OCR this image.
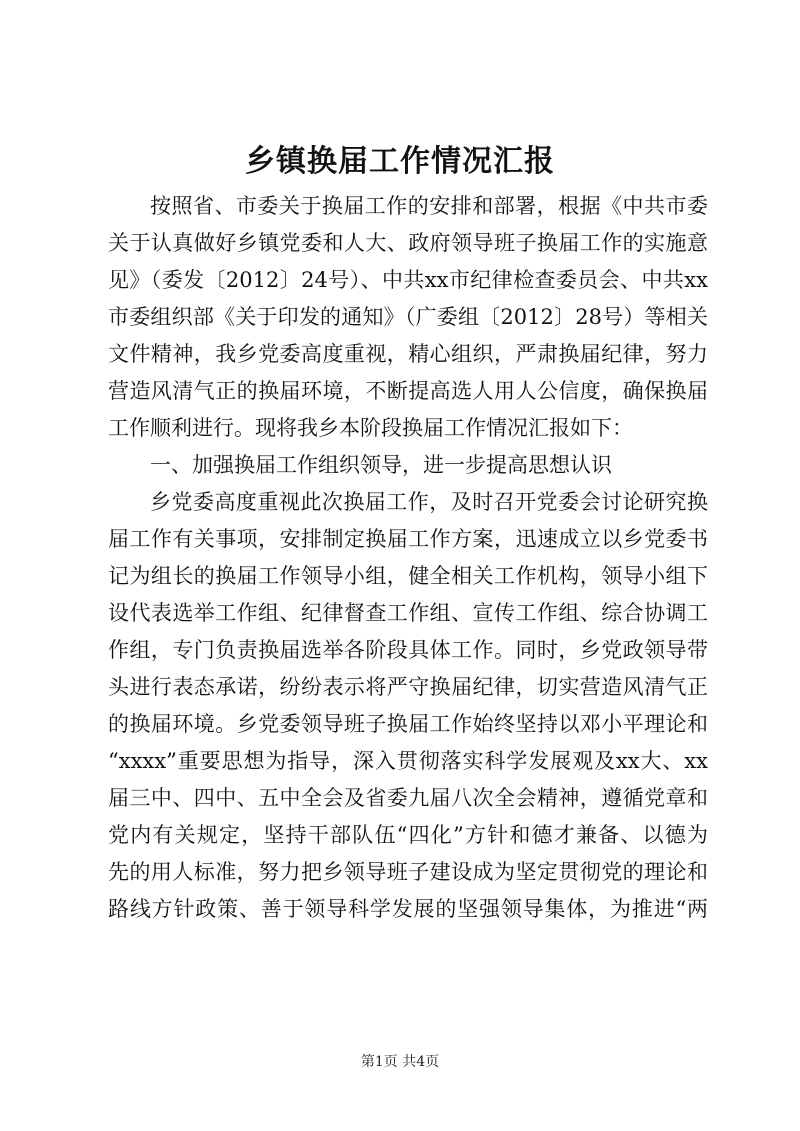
乡镇换届工作情况汇报
按照省、市委关于换届工作的安排和部署，根据《中共市委
关于认真做好乡镇党委和人大、政府领导班子换届工作的实施意
见》（委发〔2012〕24号）、中共xx市纪律检查委员会、中共xx
市委组织部《关于印发的通知》（广委组〔2012〕28号）等相关
文件精神，我乡党委高度重视，精心组织，严肃换届纪律，努力
营造风清气正的换届环境，不断提高选人用人公信度，确保换届
工作顺利进行。现将我乡本阶段换届工作情况汇报如下：
一、加强换届工作组织领导，进一步提高思想认识
乡党委高度重视此次换届工作，及时召开党委会讨论研究换
届工作有关事项，安排制定换届工作方案，迅速成立以乡党委书
记为组长的换届工作领导小组，健全相关工作机构，领导小组下
设代表选举工作组、纪律督查工作组、宣传工作组、综合协调工
作组，专门负责换届选举各阶段具体工作。同时，乡党政领导带
头进行表态承诺，纷纷表示将严守换届纪律，切实营造风清气正
的换届环境。乡党委领导班子换届工作始终坚持以邓小平理论和
“xxxx”重要思想为指导，深入贯彻落实科学发展观及xx大、xx
届三中、四中、五中全会及省委九届八次全会精神，遵循党章和
党内有关规定，坚持干部队伍“四化”方针和德才兼备、以德为
先的用人标准，努力把乡领导班子建设成为坚定贯彻党的理论和
路线方针政策、善于领导科学发展的坚强领导集体，为推进“两
第1页 共4页
